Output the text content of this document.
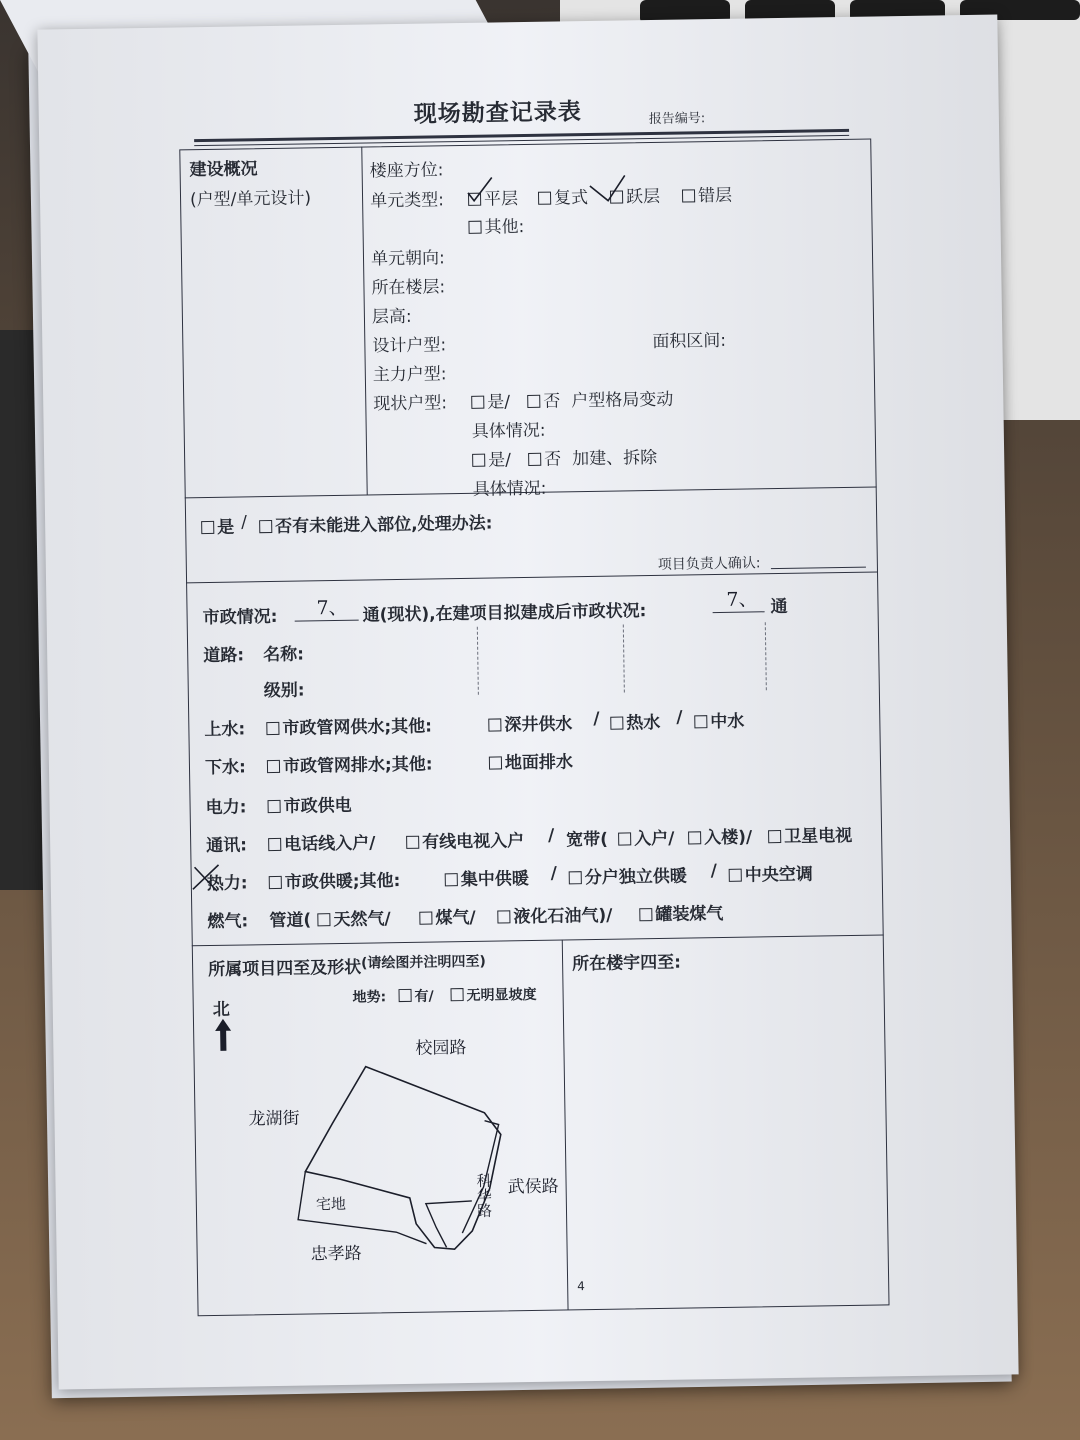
现场勘查记录表	报告编号:
建设概况
(户型/单元设计)
楼座方位:
单元类型:	平层	复式	跃层	错层
其他:
单元朝向:
所在楼层:
层高:
设计户型:	面积区间:
主力户型:
现状户型:	是/	否 户型格局变动
具体情况:
是/	否 加建、拆除
具体情况:
是 /	否有未能进入部位,处理办法:
项目负责人确认:
市政情况: 7、 通(现状),在建项目拟建成后市政状况:
7、 通
道路: 名称:
级别:
上水:	市政管网供水;其他:	深井供水 /	热水 /	中水
下水:	市政管网排水;其他:	地面排水
电力:	市政供电
通讯:	电话线入户/	有线电视入户 / 宽带(	入户/	入楼)/	卫星电视
热力:	市政供暖;其他:	集中供暖 /	分户独立供暖 /	中央空调
燃气: 管道(	天然气/	煤气/	液化石油气)/	罐装煤气
所属项目四至及形状 (请绘图并注明四至)
地势:	有/	无明显坡度
北
所在楼宇四至:
校园路
龙湖街
宅地
忠孝路
科华路 武侯路
4
